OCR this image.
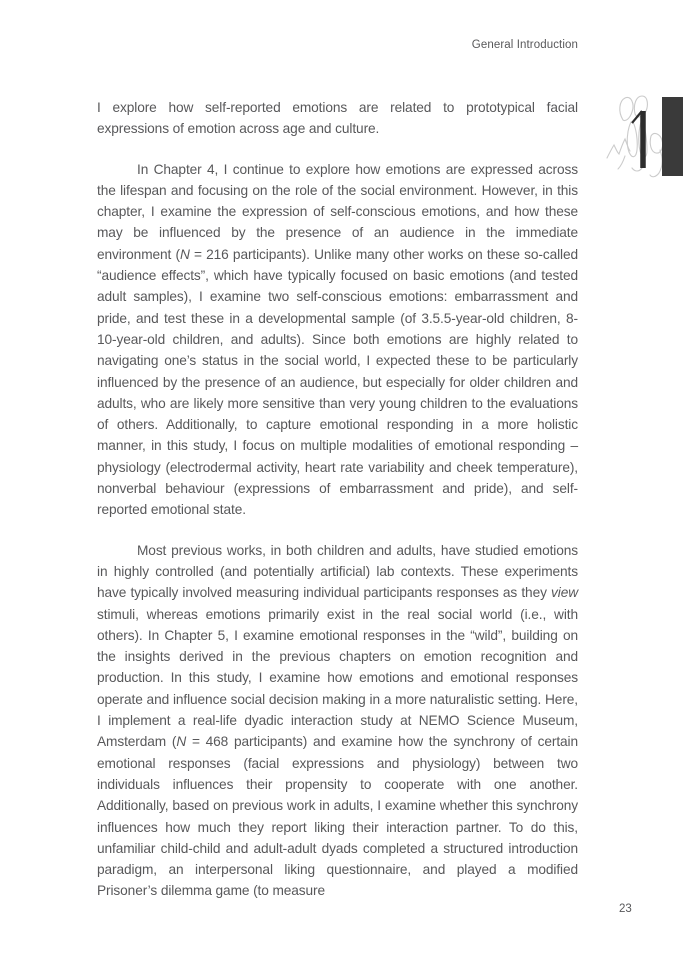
General Introduction

I explore how self-reported emotions are related to prototypical facial expressions of emotion across age and culture.

In Chapter 4, I continue to explore how emotions are expressed across the lifespan and focusing on the role of the social environment. However, in this chapter, I examine the expression of self-conscious emotions, and how these may be influenced by the presence of an audience in the immediate environment (N = 216 participants). Unlike many other works on these so-called “audience effects”, which have typically focused on basic emotions (and tested adult samples), I examine two self-conscious emotions: embarrassment and pride, and test these in a developmental sample (of 3.5.5-year-old children, 8-10-year-old children, and adults). Since both emotions are highly related to navigating one’s status in the social world, I expected these to be particularly influenced by the presence of an audience, but especially for older children and adults, who are likely more sensitive than very young children to the evaluations of others. Additionally, to capture emotional responding in a more holistic manner, in this study, I focus on multiple modalities of emotional responding – physiology (electrodermal activity, heart rate variability and cheek temperature), nonverbal behaviour (expressions of embarrassment and pride), and self-reported emotional state.

Most previous works, in both children and adults, have studied emotions in highly controlled (and potentially artificial) lab contexts. These experiments have typically involved measuring individual participants responses as they view stimuli, whereas emotions primarily exist in the real social world (i.e., with others). In Chapter 5, I examine emotional responses in the “wild”, building on the insights derived in the previous chapters on emotion recognition and production. In this study, I examine how emotions and emotional responses operate and influence social decision making in a more naturalistic setting. Here, I implement a real-life dyadic interaction study at NEMO Science Museum, Amsterdam (N = 468 participants) and examine how the synchrony of certain emotional responses (facial expressions and physiology) between two individuals influences their propensity to cooperate with one another. Additionally, based on previous work in adults, I examine whether this synchrony influences how much they report liking their interaction partner. To do this, unfamiliar child-child and adult-adult dyads completed a structured introduction paradigm, an interpersonal liking questionnaire, and played a modified Prisoner’s dilemma game (to measure

23
